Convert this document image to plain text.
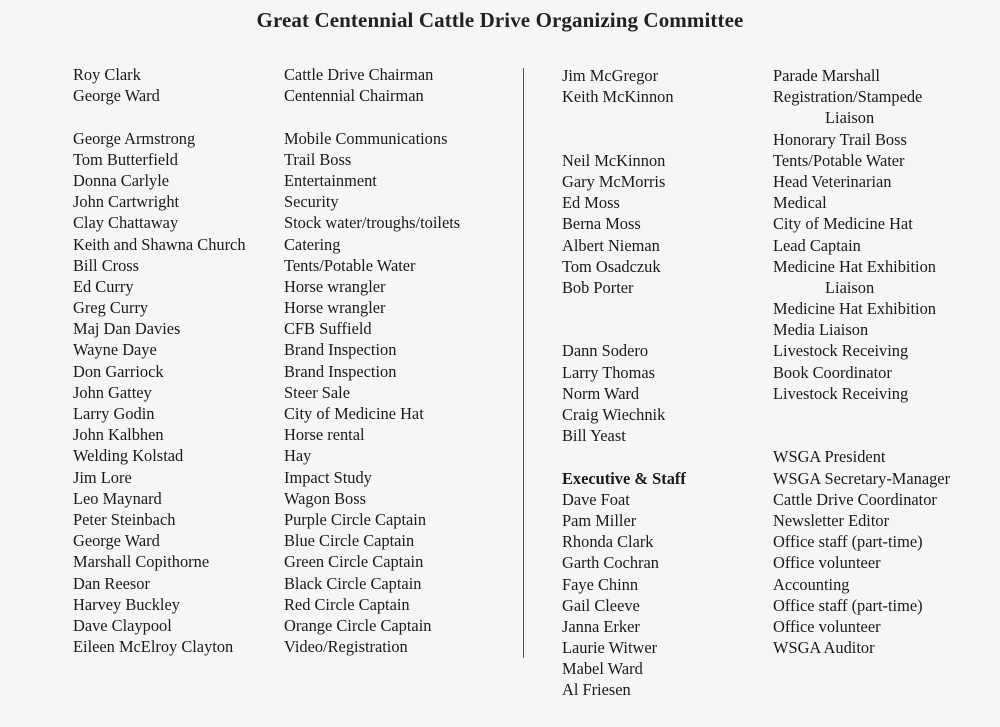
Great Centennial Cattle Drive Organizing Committee
Roy Clark
George Ward
George Armstrong
Tom Butterfield
Donna Carlyle
John Cartwright
Clay Chattaway
Keith and Shawna Church
Bill Cross
Ed Curry
Greg Curry
Maj Dan Davies
Wayne Daye
Don Garriock
John Gattey
Larry Godin
John Kalbhen
Welding Kolstad
Jim Lore
Leo Maynard
Peter Steinbach
George Ward
Marshall Copithorne
Dan Reesor
Harvey Buckley
Dave Claypool
Eileen McElroy Clayton
Cattle Drive Chairman
Centennial Chairman
Mobile Communications
Trail Boss
Entertainment
Security
Stock water/troughs/toilets
Catering
Tents/Potable Water
Horse wrangler
Horse wrangler
CFB Suffield
Brand Inspection
Brand Inspection
Steer Sale
City of Medicine Hat
Horse rental
Hay
Impact Study
Wagon Boss
Purple Circle Captain
Blue Circle Captain
Green Circle Captain
Black Circle Captain
Red Circle Captain
Orange Circle Captain
Video/Registration
Jim McGregor
Keith McKinnon
Neil McKinnon
Gary McMorris
Ed Moss
Berna Moss
Albert Nieman
Tom Osadczuk
Bob Porter
Dann Sodero
Larry Thomas
Norm Ward
Craig Wiechnik
Bill Yeast
Executive & Staff
Dave Foat
Pam Miller
Rhonda Clark
Garth Cochran
Faye Chinn
Gail Cleeve
Janna Erker
Laurie Witwer
Mabel Ward
Al Friesen
Parade Marshall
Registration/Stampede
Liaison
Honorary Trail Boss
Tents/Potable Water
Head Veterinarian
Medical
City of Medicine Hat
Lead Captain
Medicine Hat Exhibition
Liaison
Medicine Hat Exhibition
Media Liaison
Livestock Receiving
Book Coordinator
Livestock Receiving
WSGA President
WSGA Secretary-Manager
Cattle Drive Coordinator
Newsletter Editor
Office staff (part-time)
Office volunteer
Accounting
Office staff (part-time)
Office volunteer
WSGA Auditor
